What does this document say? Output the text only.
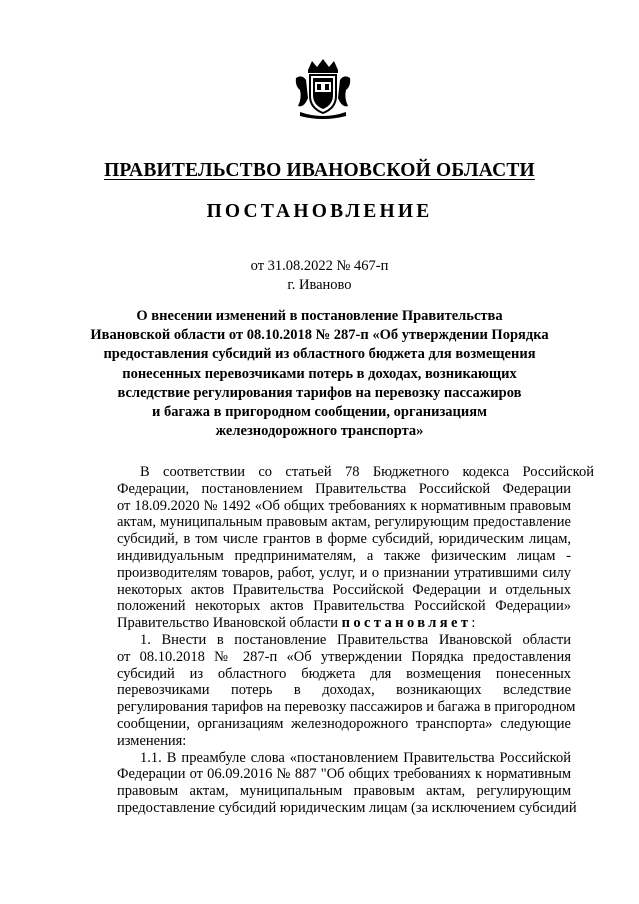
ПРАВИТЕЛЬСТВО ИВАНОВСКОЙ ОБЛАСТИ
ПОСТАНОВЛЕНИЕ
от 31.08.2022 № 467-п
г. Иваново
О внесении изменений в постановление Правительства
Ивановской области от 08.10.2018 № 287-п «Об утверждении Порядка
предоставления субсидий из областного бюджета для возмещения
понесенных перевозчиками потерь в доходах, возникающих
вследствие регулирования тарифов на перевозку пассажиров
и багажа в пригородном сообщении, организациям
железнодорожного транспорта»
В соответствии со статьей 78 Бюджетного кодекса Российской
Федерации, постановлением Правительства Российской Федерации
от 18.09.2020 № 1492 «Об общих требованиях к нормативным правовым
актам, муниципальным правовым актам, регулирующим предоставление
субсидий, в том числе грантов в форме субсидий, юридическим лицам,
индивидуальным предпринимателям, а также физическим лицам -
производителям товаров, работ, услуг, и о признании утратившими силу
некоторых актов Правительства Российской Федерации и отдельных
положений некоторых актов Правительства Российской Федерации»
Правительство Ивановской области постановляет:
1. Внести в постановление Правительства Ивановской области
от 08.10.2018 № 287-п «Об утверждении Порядка предоставления
субсидий из областного бюджета для возмещения понесенных
перевозчиками потерь в доходах, возникающих вследствие
регулирования тарифов на перевозку пассажиров и багажа в пригородном
сообщении, организациям железнодорожного транспорта» следующие
изменения:
1.1. В преамбуле слова «постановлением Правительства Российской
Федерации от 06.09.2016 № 887 "Об общих требованиях к нормативным
правовым актам, муниципальным правовым актам, регулирующим
предоставление субсидий юридическим лицам (за исключением субсидий
